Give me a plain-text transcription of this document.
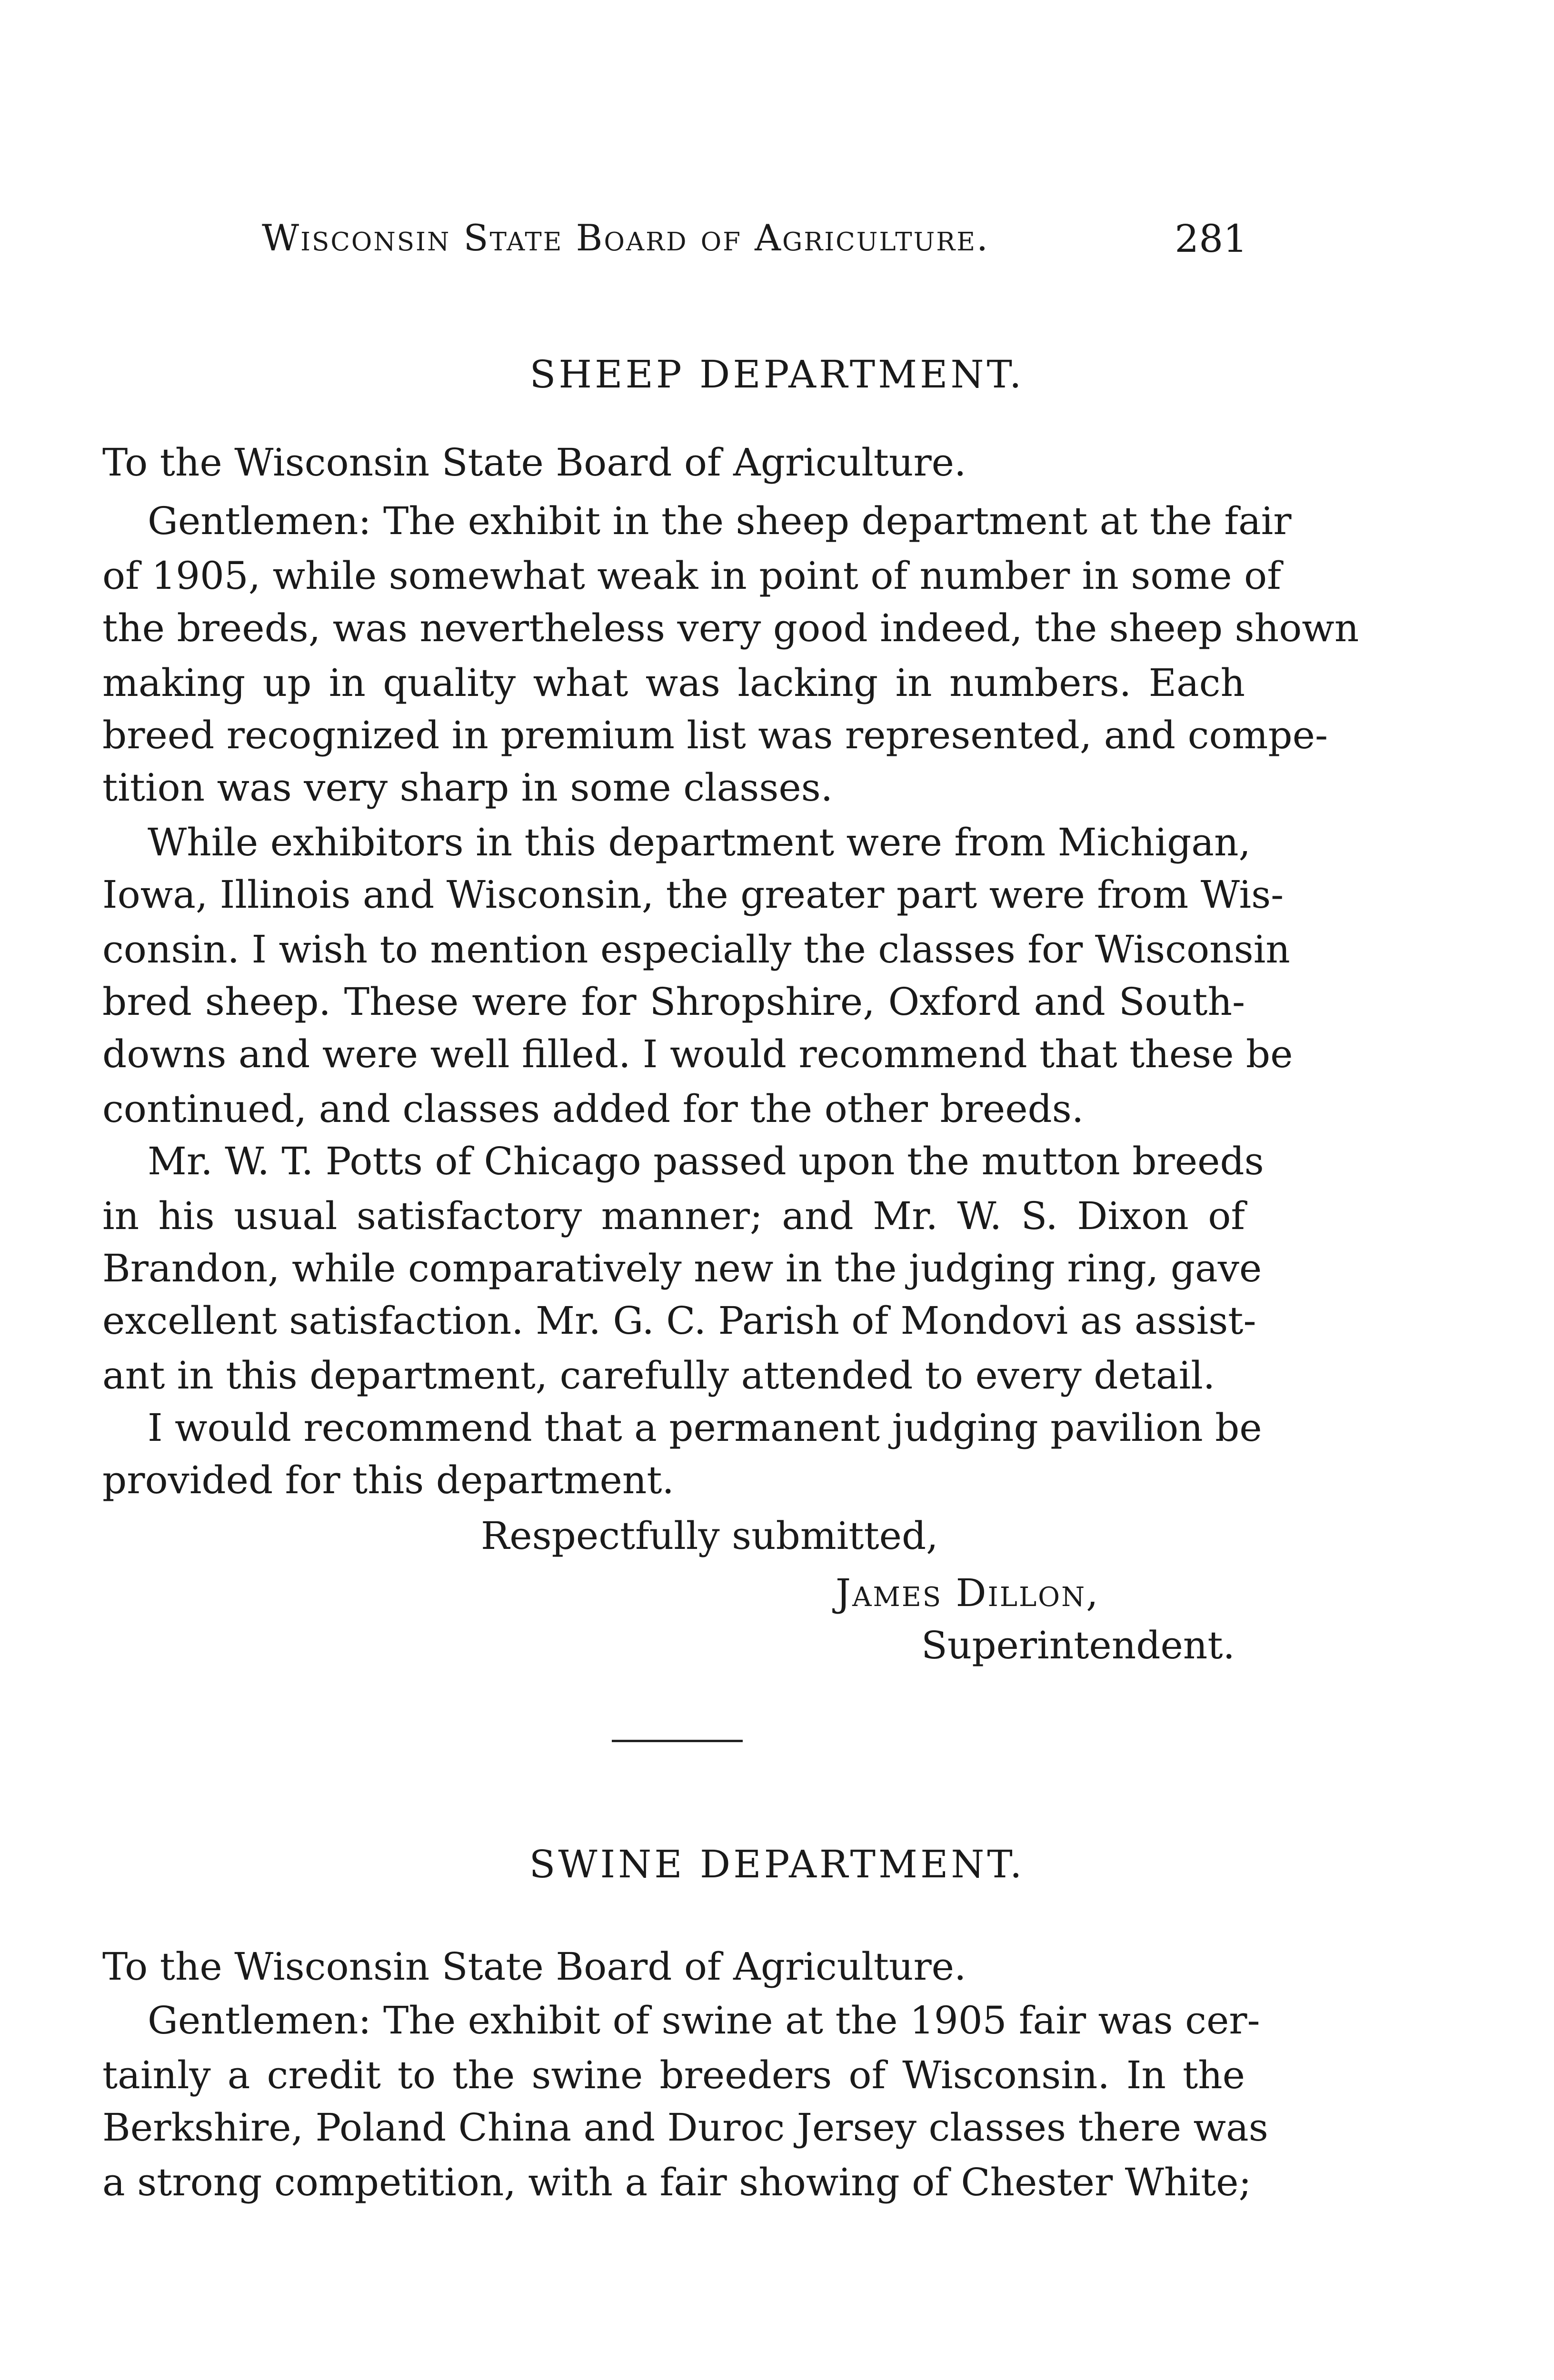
Wisconsin State Board of Agriculture.	281
SHEEP DEPARTMENT.
To the Wisconsin State Board of Agriculture.
Gentlemen: The exhibit in the sheep department at the fair
of 1905, while somewhat weak in point of number in some of
the breeds, was nevertheless very good indeed, the sheep shown
making up in quality what was lacking in numbers. Each
breed recognized in premium list was represented, and compe-
tition was very sharp in some classes.
While exhibitors in this department were from Michigan,
Iowa, Illinois and Wisconsin, the greater part were from Wis-
consin. I wish to mention especially the classes for Wisconsin
bred sheep. These were for Shropshire, Oxford and South-
downs and were well filled. I would recommend that these be
continued, and classes added for the other breeds.
Mr. W. T. Potts of Chicago passed upon the mutton breeds
in his usual satisfactory manner; and Mr. W. S. Dixon of
Brandon, while comparatively new in the judging ring, gave
excellent satisfaction. Mr. G. C. Parish of Mondovi as assist-
ant in this department, carefully attended to every detail.
I would recommend that a permanent judging pavilion be
provided for this department.
Respectfully submitted,
James Dillon,
Superintendent.
SWINE DEPARTMENT.
To the Wisconsin State Board of Agriculture.
Gentlemen: The exhibit of swine at the 1905 fair was cer-
tainly a credit to the swine breeders of Wisconsin. In the
Berkshire, Poland China and Duroc Jersey classes there was
a strong competition, with a fair showing of Chester White;
